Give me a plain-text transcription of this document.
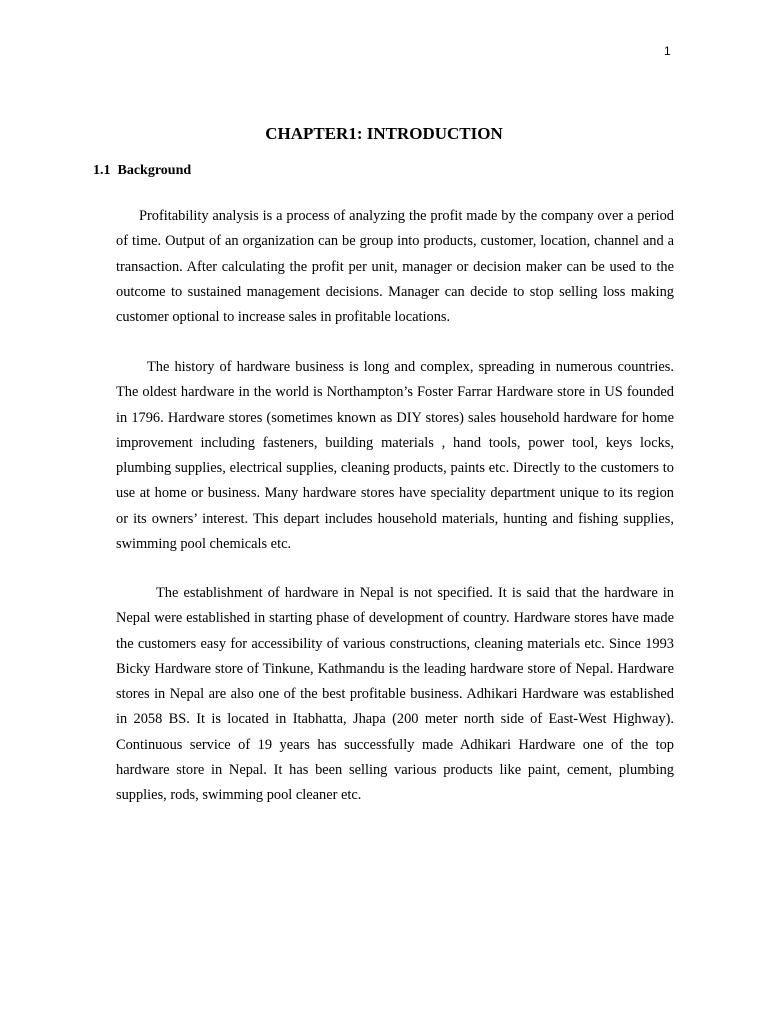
1
CHAPTER1: INTRODUCTION
1.1  Background

Profitability analysis is a process of analyzing the profit made by the company over a period of time. Output of an organization can be group into products, customer, location, channel and a transaction. After calculating the profit per unit, manager or decision maker can be used to the outcome to sustained management decisions. Manager can decide to stop selling loss making customer optional to increase sales in profitable locations.

The history of hardware business is long and complex, spreading in numerous countries. The oldest hardware in the world is Northampton’s Foster Farrar Hardware store in US founded in 1796. Hardware stores (sometimes known as DIY stores) sales household hardware for home improvement including fasteners, building materials , hand tools, power tool, keys locks, plumbing supplies, electrical supplies, cleaning products, paints etc. Directly to the customers to use at home or business. Many hardware stores have speciality department unique to its region or its owners’ interest. This depart includes household materials, hunting and fishing supplies, swimming pool chemicals etc.

The establishment of hardware in Nepal is not specified. It is said that the hardware in Nepal were established in starting phase of development of country. Hardware stores have made the customers easy for accessibility of various constructions, cleaning materials etc. Since 1993 Bicky Hardware store of Tinkune, Kathmandu is the leading hardware store of Nepal. Hardware stores in Nepal are also one of the best profitable business. Adhikari Hardware was established in 2058 BS. It is located in Itabhatta, Jhapa (200 meter north side of East-West Highway). Continuous service of 19 years has successfully made Adhikari Hardware one of the top hardware store in Nepal. It has been selling various products like paint, cement, plumbing supplies, rods, swimming pool cleaner etc.
